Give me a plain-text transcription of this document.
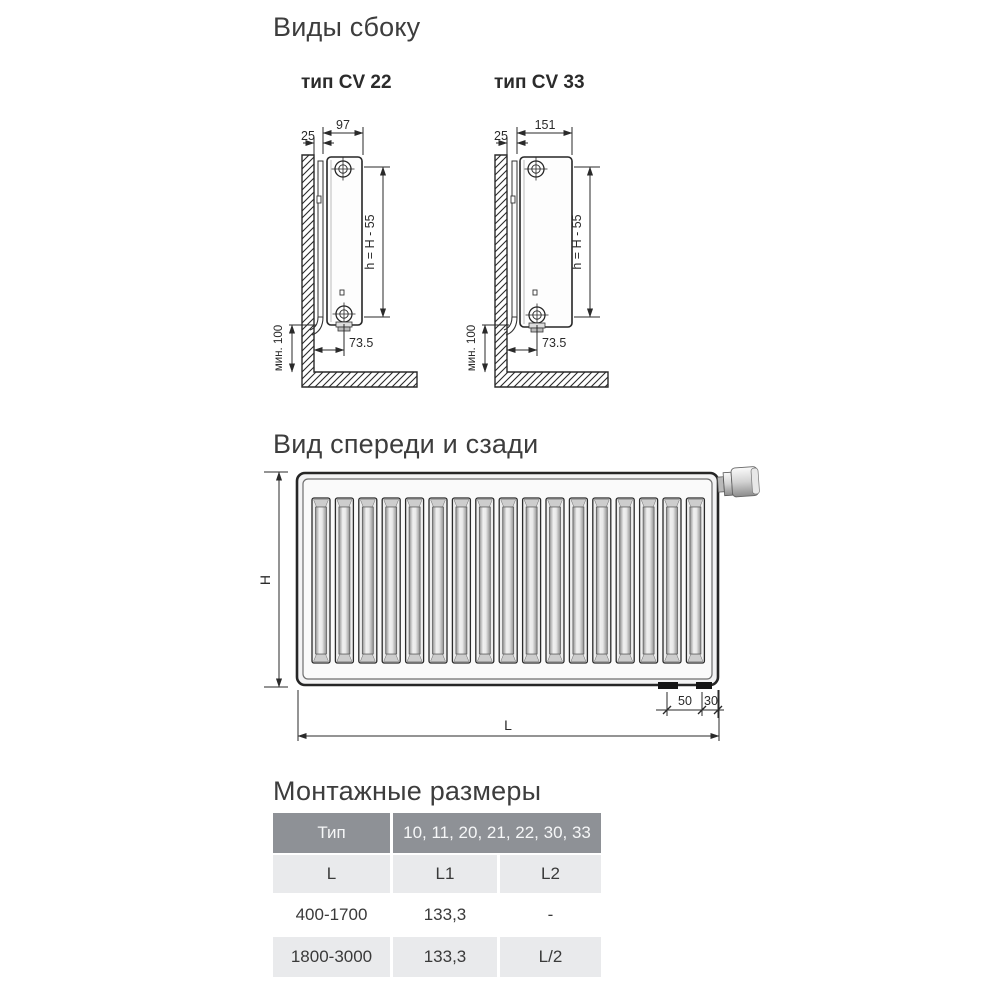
Виды сбоку
тип CV 22	тип CV 33
Вид спереди и сзади
Монтажные размеры
97
25
h = H - 55
73.5
мин. 100
151
25
h = H - 55
73.5
мин. 100
H
50 30
L
Тип	10, 11, 20, 21, 22, 30, 33
L	L1	L2
400-1700	133,3	-
1800-3000	133,3	L/2
